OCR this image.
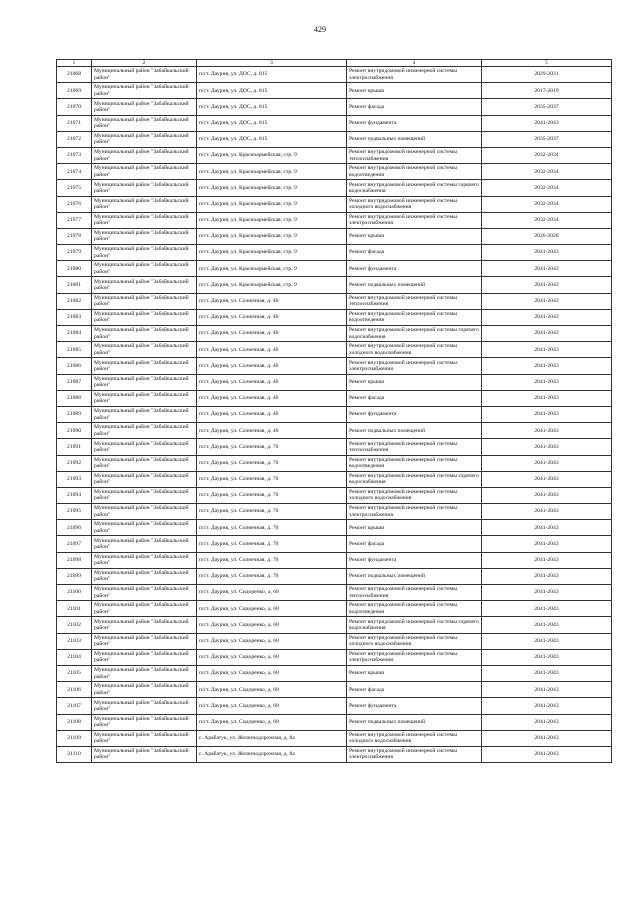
429
1	2	3	4	5
21068	Муниципальный район "Забайкальский район"	п/ст. Даурия, ул. ДОС, д. 815	Ремонт внутридомовой инженерной системы электроснабжения	2029-2031
21069	Муниципальный район "Забайкальский район"	п/ст. Даурия, ул. ДОС, д. 815	Ремонт крыши	2017-2019
21070	Муниципальный район "Забайкальский район"	п/ст. Даурия, ул. ДОС, д. 815	Ремонт фасада	2035-2037
21071	Муниципальный район "Забайкальский район"	п/ст. Даурия, ул. ДОС, д. 815	Ремонт фундамента	2041-2043
21072	Муниципальный район "Забайкальский район"	п/ст. Даурия, ул. ДОС, д. 815	Ремонт подвальных помещений	2035-2037
21073	Муниципальный район "Забайкальский район"	п/ст. Даурия, ул. Красноармейская, стр. 9	Ремонт внутридомовой инженерной системы теплоснабжения	2032-2034
21074	Муниципальный район "Забайкальский район"	п/ст. Даурия, ул. Красноармейская, стр. 9	Ремонт внутридомовой инженерной системы водоотведения	2032-2034
21075	Муниципальный район "Забайкальский район"	п/ст. Даурия, ул. Красноармейская, стр. 9	Ремонт внутридомовой инженерной системы горячего водоснабжения	2032-2034
21076	Муниципальный район "Забайкальский район"	п/ст. Даурия, ул. Красноармейская, стр. 9	Ремонт внутридомовой инженерной системы холодного водоснабжения	2032-2034
21077	Муниципальный район "Забайкальский район"	п/ст. Даурия, ул. Красноармейская, стр. 9	Ремонт внутридомовой инженерной системы электроснабжения	2032-2034
21078	Муниципальный район "Забайкальский район"	п/ст. Даурия, ул. Красноармейская, стр. 9	Ремонт крыши	2026-2028
21079	Муниципальный район "Забайкальский район"	п/ст. Даурия, ул. Красноармейская, стр. 9	Ремонт фасада	2041-2043
21080	Муниципальный район "Забайкальский район"	п/ст. Даурия, ул. Красноармейская, стр. 9	Ремонт фундамента	2041-2043
21081	Муниципальный район "Забайкальский район"	п/ст. Даурия, ул. Красноармейская, стр. 9	Ремонт подвальных помещений	2041-2043
21082	Муниципальный район "Забайкальский район"	п/ст. Даурия, ул. Солнечная, д. 40	Ремонт внутридомовой инженерной системы теплоснабжения	2041-2043
21083	Муниципальный район "Забайкальский район"	п/ст. Даурия, ул. Солнечная, д. 40	Ремонт внутридомовой инженерной системы водоотведения	2041-2043
21084	Муниципальный район "Забайкальский район"	п/ст. Даурия, ул. Солнечная, д. 40	Ремонт внутридомовой инженерной системы горячего водоснабжения	2041-2043
21085	Муниципальный район "Забайкальский район"	п/ст. Даурия, ул. Солнечная, д. 40	Ремонт внутридомовой инженерной системы холодного водоснабжения	2041-2043
21086	Муниципальный район "Забайкальский район"	п/ст. Даурия, ул. Солнечная, д. 40	Ремонт внутридомовой инженерной системы электроснабжения	2041-2043
21087	Муниципальный район "Забайкальский район"	п/ст. Даурия, ул. Солнечная, д. 40	Ремонт крыши	2041-2043
21088	Муниципальный район "Забайкальский район"	п/ст. Даурия, ул. Солнечная, д. 40	Ремонт фасада	2041-2043
21089	Муниципальный район "Забайкальский район"	п/ст. Даурия, ул. Солнечная, д. 40	Ремонт фундамента	2041-2043
21090	Муниципальный район "Забайкальский район"	п/ст. Даурия, ул. Солнечная, д. 40	Ремонт подвальных помещений	2041-2043
21091	Муниципальный район "Забайкальский район"	п/ст. Даурия, ул. Солнечная, д. 70	Ремонт внутридомовой инженерной системы теплоснабжения	2041-2043
21092	Муниципальный район "Забайкальский район"	п/ст. Даурия, ул. Солнечная, д. 70	Ремонт внутридомовой инженерной системы водоотведения	2041-2043
21093	Муниципальный район "Забайкальский район"	п/ст. Даурия, ул. Солнечная, д. 70	Ремонт внутридомовой инженерной системы горячего водоснабжения	2041-2043
21094	Муниципальный район "Забайкальский район"	п/ст. Даурия, ул. Солнечная, д. 70	Ремонт внутридомовой инженерной системы холодного водоснабжения	2041-2043
21095	Муниципальный район "Забайкальский район"	п/ст. Даурия, ул. Солнечная, д. 70	Ремонт внутридомовой инженерной системы электроснабжения	2041-2043
21096	Муниципальный район "Забайкальский район"	п/ст. Даурия, ул. Солнечная, д. 70	Ремонт крыши	2041-2043
21097	Муниципальный район "Забайкальский район"	п/ст. Даурия, ул. Солнечная, д. 70	Ремонт фасада	2041-2043
21098	Муниципальный район "Забайкальский район"	п/ст. Даурия, ул. Солнечная, д. 70	Ремонт фундамента	2041-2043
21099	Муниципальный район "Забайкальский район"	п/ст. Даурия, ул. Солнечная, д. 70	Ремонт подвальных помещений	2041-2043
21100	Муниципальный район "Забайкальский район"	п/ст. Даурия, ул. Сидоренко, д. 68	Ремонт внутридомовой инженерной системы теплоснабжения	2041-2043
21101	Муниципальный район "Забайкальский район"	п/ст. Даурия, ул. Сидоренко, д. 68	Ремонт внутридомовой инженерной системы водоотведения	2041-2043
21102	Муниципальный район "Забайкальский район"	п/ст. Даурия, ул. Сидоренко, д. 68	Ремонт внутридомовой инженерной системы горячего водоснабжения	2041-2043
21103	Муниципальный район "Забайкальский район"	п/ст. Даурия, ул. Сидоренко, д. 68	Ремонт внутридомовой инженерной системы холодного водоснабжения	2041-2043
21104	Муниципальный район "Забайкальский район"	п/ст. Даурия, ул. Сидоренко, д. 68	Ремонт внутридомовой инженерной системы электроснабжения	2041-2043
21105	Муниципальный район "Забайкальский район"	п/ст. Даурия, ул. Сидоренко, д. 68	Ремонт крыши	2041-2043
21106	Муниципальный район "Забайкальский район"	п/ст. Даурия, ул. Сидоренко, д. 68	Ремонт фасада	2041-2043
21107	Муниципальный район "Забайкальский район"	п/ст. Даурия, ул. Сидоренко, д. 68	Ремонт фундамента	2041-2043
21108	Муниципальный район "Забайкальский район"	п/ст. Даурия, ул. Сидоренко, д. 68	Ремонт подвальных помещений	2041-2043
21109	Муниципальный район "Забайкальский район"	с. Арабатук, ул. Железнодорожная, д. 8а	Ремонт внутридомовой инженерной системы холодного водоснабжения	2041-2043
21110	Муниципальный район "Забайкальский район"	с. Арабатук, ул. Железнодорожная, д. 8а	Ремонт внутридомовой инженерной системы электроснабжения	2041-2043
